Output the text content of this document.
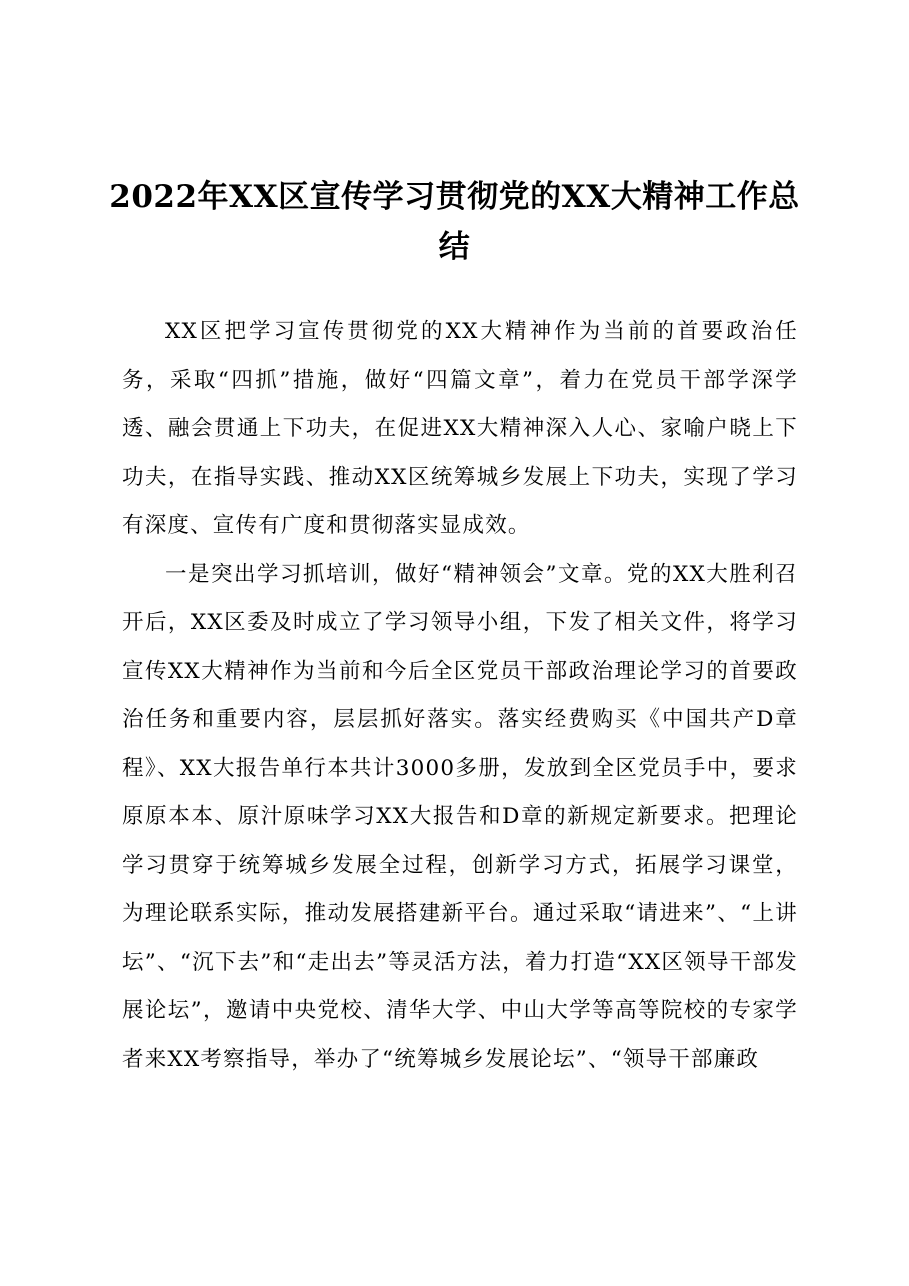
2022年XX区宣传学习贯彻党的XX大精神工作总结

XX区把学习宣传贯彻党的XX大精神作为当前的首要政治任务，采取“四抓”措施，做好“四篇文章”，着力在党员干部学深学透、融会贯通上下功夫，在促进XX大精神深入人心、家喻户晓上下功夫，在指导实践、推动XX区统筹城乡发展上下功夫，实现了学习有深度、宣传有广度和贯彻落实显成效。

一是突出学习抓培训，做好“精神领会”文章。党的XX大胜利召开后，XX区委及时成立了学习领导小组，下发了相关文件，将学习宣传XX大精神作为当前和今后全区党员干部政治理论学习的首要政治任务和重要内容，层层抓好落实。落实经费购买《中国共产D章程》、XX大报告单行本共计3000多册，发放到全区党员手中，要求原原本本、原汁原味学习XX大报告和D章的新规定新要求。把理论学习贯穿于统筹城乡发展全过程，创新学习方式，拓展学习课堂，为理论联系实际，推动发展搭建新平台。通过采取“请进来”、“上讲坛”、“沉下去”和“走出去”等灵活方法，着力打造“XX区领导干部发展论坛”，邀请中央党校、清华大学、中山大学等高等院校的专家学者来XX考察指导，举办了“统筹城乡发展论坛”、“领导干部廉政
